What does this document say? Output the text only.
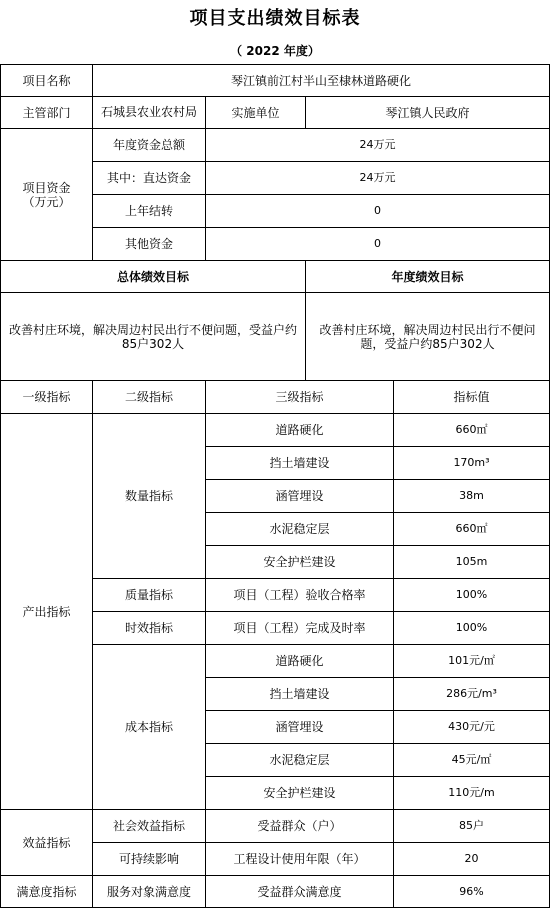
项目支出绩效目标表
（ 2022 年度）
项目名称	琴江镇前江村半山至棣林道路硬化			
主管部门	石城县农业农村局	实施单位	琴江镇人民政府	
项目资金
（万元）	年度资金总额	24万元		
	其中：直达资金	24万元		
	上年结转	0		
	其他资金	0		
总体绩效目标			年度绩效目标	
改善村庄环境，解决周边村民出行不便问题，受益户约85户302人			改善村庄环境，解决周边村民出行不便问题，受益户约85户302人	
一级指标	二级指标	三级指标		指标值
产出指标	数量指标	道路硬化		660㎡
		挡土墙建设		170m³
		涵管埋设		38m
		水泥稳定层		660㎡
		安全护栏建设		105m
	质量指标	项目（工程）验收合格率		100%
	时效指标	项目（工程）完成及时率		100%
	成本指标	道路硬化		101元/㎡
		挡土墙建设		286元/m³
		涵管埋设		430元/元
		水泥稳定层		45元/㎡
		安全护栏建设		110元/m
效益指标	社会效益指标	受益群众（户）		85户
	可持续影响	工程设计使用年限（年）		20
满意度指标	服务对象满意度	受益群众满意度		96%
